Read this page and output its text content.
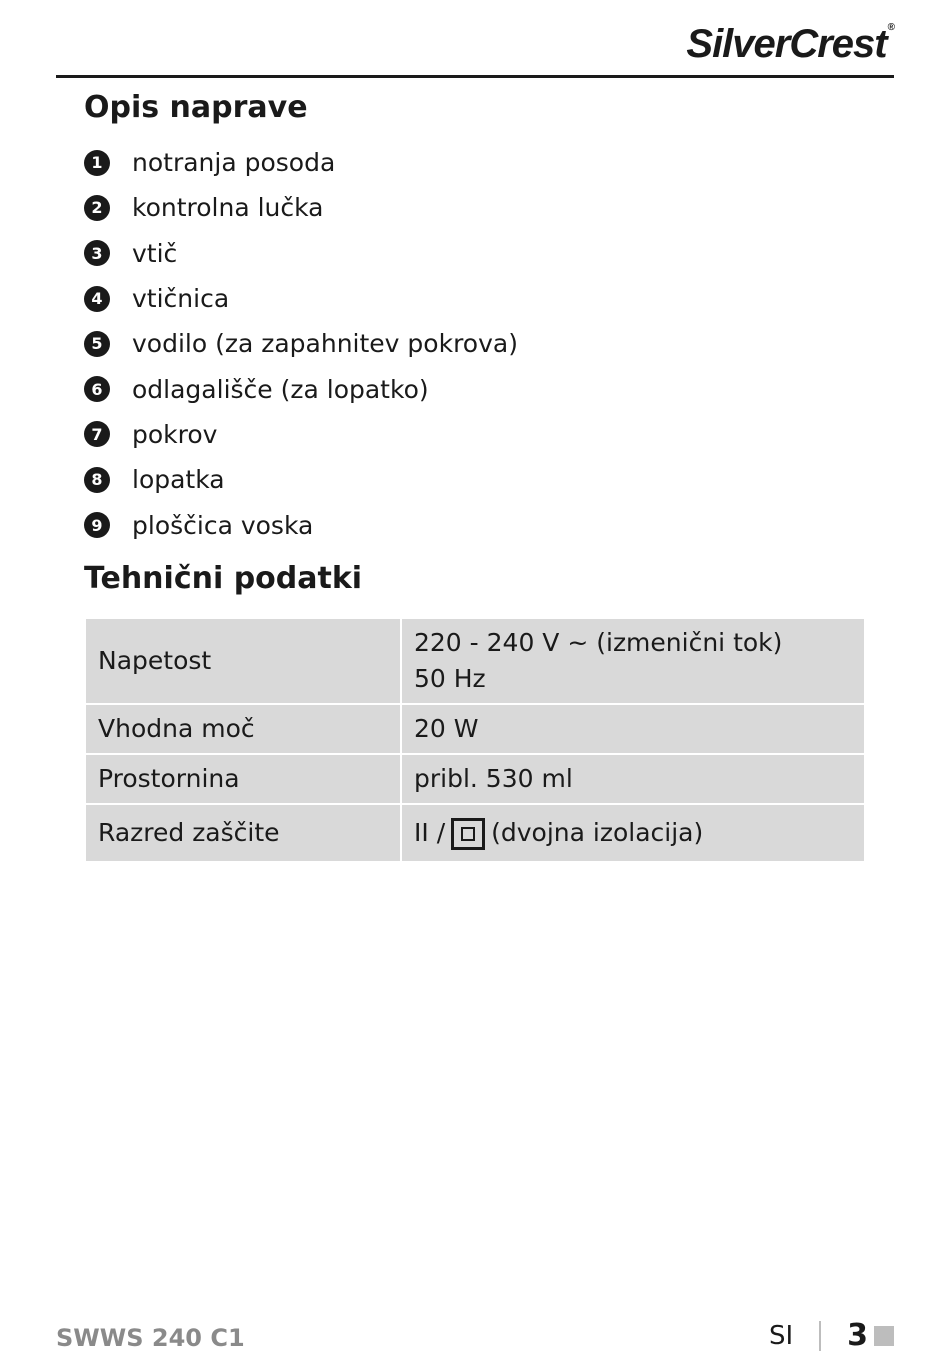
SilverCrest®
Opis naprave
1 notranja posoda
2 kontrolna lučka
3 vtič
4 vtičnica
5 vodilo (za zapahnitev pokrova)
6 odlagališče (za lopatko)
7 pokrov
8 lopatka
9 ploščica voska
Tehnični podatki
Napetost	220 - 240 V ~ (izmenični tok)
50 Hz

Vhodna moč	20 W
Prostornina	pribl. 530 ml
Razred zaščite	II / (dvojna izolacija)
SWWS 240 C1	SI 3
